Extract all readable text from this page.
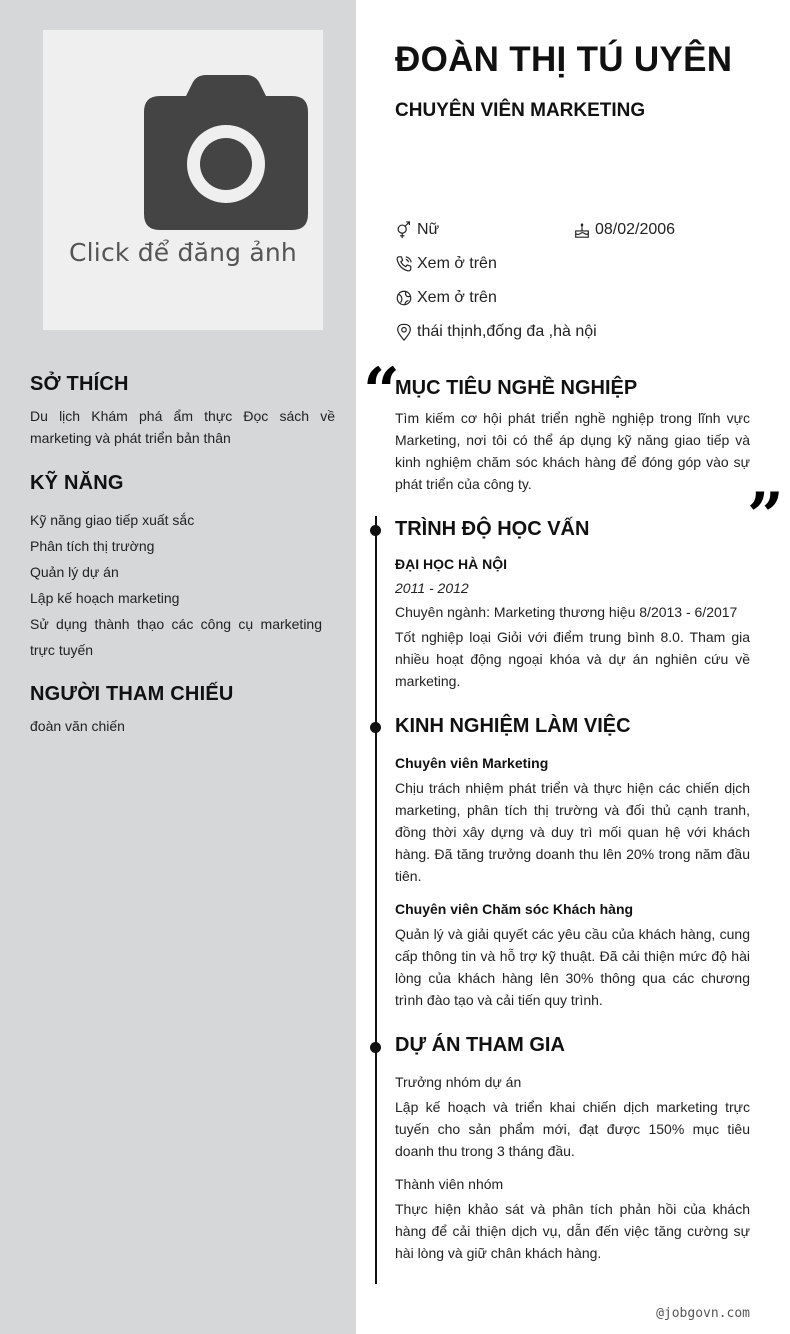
Click để đăng ảnh
SỞ THÍCH

Du lịch Khám phá ẩm thực Đọc sách về marketing và phát triển bản thân

KỸ NĂNG
Kỹ năng giao tiếp xuất sắc
Phân tích thị trường
Quản lý dự án
Lập kế hoạch marketing
Sử dụng thành thạo các công cụ marketing trực tuyến
NGƯỜI THAM CHIẾU

đoàn văn chiến

ĐOÀN THỊ TÚ UYÊN
CHUYÊN VIÊN MARKETING
Nữ	08/02/2006
Xem ở trên
Xem ở trên
thái thịnh,đống đa ,hà nội
“
MỤC TIÊU NGHỀ NGHIỆP
Tìm kiếm cơ hội phát triển nghề nghiệp trong lĩnh vực Marketing, nơi tôi có thể áp dụng kỹ năng giao tiếp và kinh nghiệm chăm sóc khách hàng để đóng góp vào sự phát triển của công ty.	”
TRÌNH ĐỘ HỌC VẤN
ĐẠI HỌC HÀ NỘI
2011 - 2012
Chuyên ngành: Marketing thương hiệu 8/2013 - 6/2017
Tốt nghiệp loại Giỏi với điểm trung bình 8.0. Tham gia nhiều hoạt động ngoại khóa và dự án nghiên cứu về marketing.
KINH NGHIỆM LÀM VIỆC
Chuyên viên Marketing
Chịu trách nhiệm phát triển và thực hiện các chiến dịch marketing, phân tích thị trường và đối thủ cạnh tranh, đồng thời xây dựng và duy trì mối quan hệ với khách hàng. Đã tăng trưởng doanh thu lên 20% trong năm đầu tiên.
Chuyên viên Chăm sóc Khách hàng
Quản lý và giải quyết các yêu cầu của khách hàng, cung cấp thông tin và hỗ trợ kỹ thuật. Đã cải thiện mức độ hài lòng của khách hàng lên 30% thông qua các chương trình đào tạo và cải tiến quy trình.
DỰ ÁN THAM GIA
Trưởng nhóm dự án
Lập kế hoạch và triển khai chiến dịch marketing trực tuyến cho sản phẩm mới, đạt được 150% mục tiêu doanh thu trong 3 tháng đầu.
Thành viên nhóm
Thực hiện khảo sát và phân tích phản hồi của khách hàng để cải thiện dịch vụ, dẫn đến việc tăng cường sự hài lòng và giữ chân khách hàng.
@jobgovn.com
